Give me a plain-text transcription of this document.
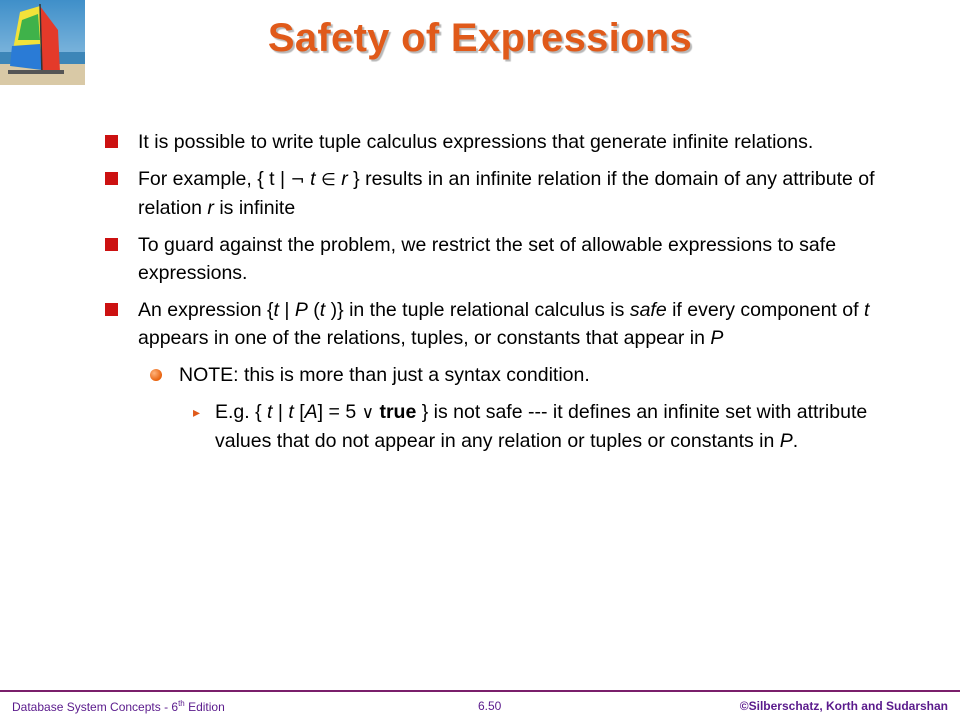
Safety of Expressions
It is possible to write tuple calculus expressions that generate infinite relations.
For example, { t | ¬ t ∈ r } results in an infinite relation if the domain of any attribute of relation r is infinite
To guard against the problem, we restrict the set of allowable expressions to safe expressions.
An expression {t | P (t )} in the tuple relational calculus is safe if every component of t appears in one of the relations, tuples, or constants that appear in P
NOTE: this is more than just a syntax condition.
▸ E.g. { t | t [A] = 5 ∨ true } is not safe --- it defines an infinite set with attribute values that do not appear in any relation or tuples or constants in P.
Database System Concepts - 6th Edition	6.50	©Silberschatz, Korth and Sudarshan
